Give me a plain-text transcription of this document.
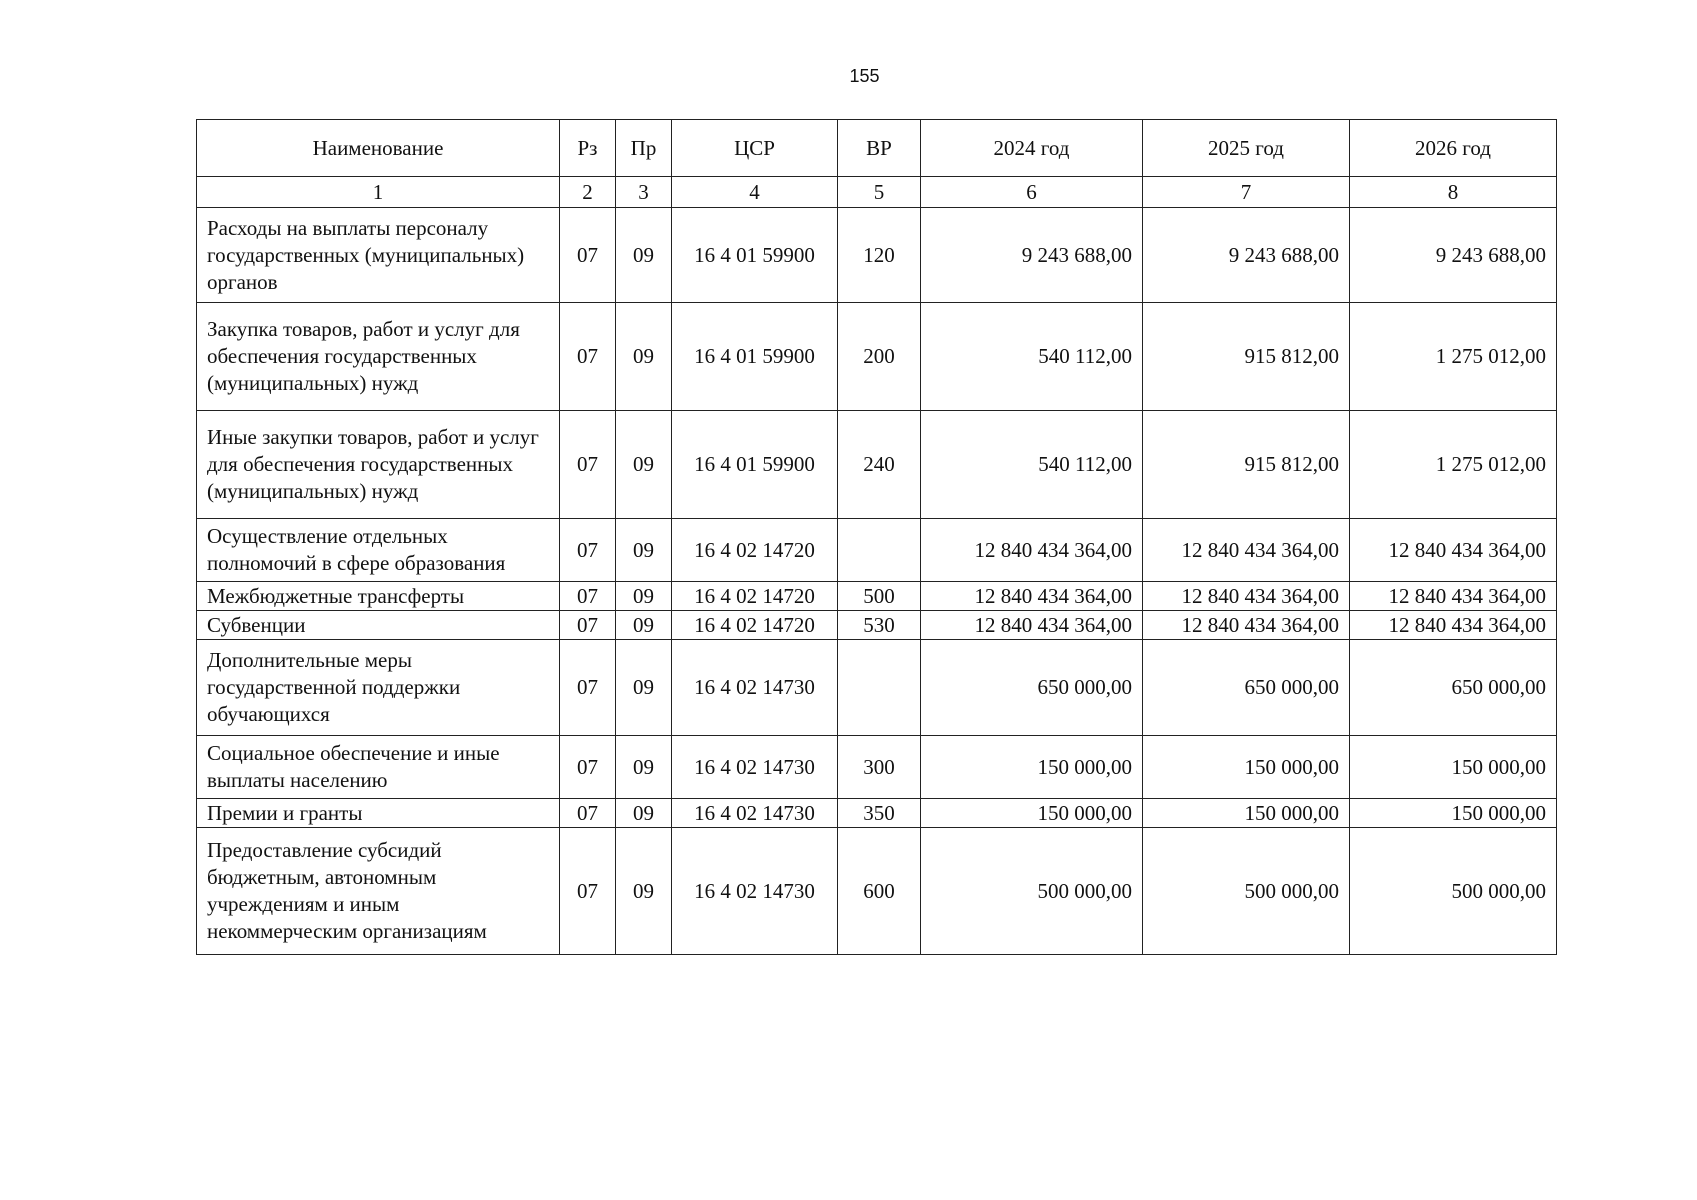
155
Наименование	Рз	Пр	ЦСР	ВР	2024 год	2025 год	2026 год
1	2	3	4	5	6	7	8
Расходы на выплаты персоналу государственных (муниципальных) органов	07	09	16 4 01 59900	120	9 243 688,00	9 243 688,00	9 243 688,00
Закупка товаров, работ и услуг для обеспечения государственных (муниципальных) нужд	07	09	16 4 01 59900	200	540 112,00	915 812,00	1 275 012,00
Иные закупки товаров, работ и услуг для обеспечения государственных (муниципальных) нужд	07	09	16 4 01 59900	240	540 112,00	915 812,00	1 275 012,00
Осуществление отдельных полномочий в сфере образования	07	09	16 4 02 14720		12 840 434 364,00	12 840 434 364,00	12 840 434 364,00
Межбюджетные трансферты	07	09	16 4 02 14720	500	12 840 434 364,00	12 840 434 364,00	12 840 434 364,00
Субвенции	07	09	16 4 02 14720	530	12 840 434 364,00	12 840 434 364,00	12 840 434 364,00
Дополнительные меры государственной поддержки обучающихся	07	09	16 4 02 14730		650 000,00	650 000,00	650 000,00
Социальное обеспечение и иные выплаты населению	07	09	16 4 02 14730	300	150 000,00	150 000,00	150 000,00
Премии и гранты	07	09	16 4 02 14730	350	150 000,00	150 000,00	150 000,00
Предоставление субсидий бюджетным, автономным учреждениям и иным некоммерческим организациям	07	09	16 4 02 14730	600	500 000,00	500 000,00	500 000,00
